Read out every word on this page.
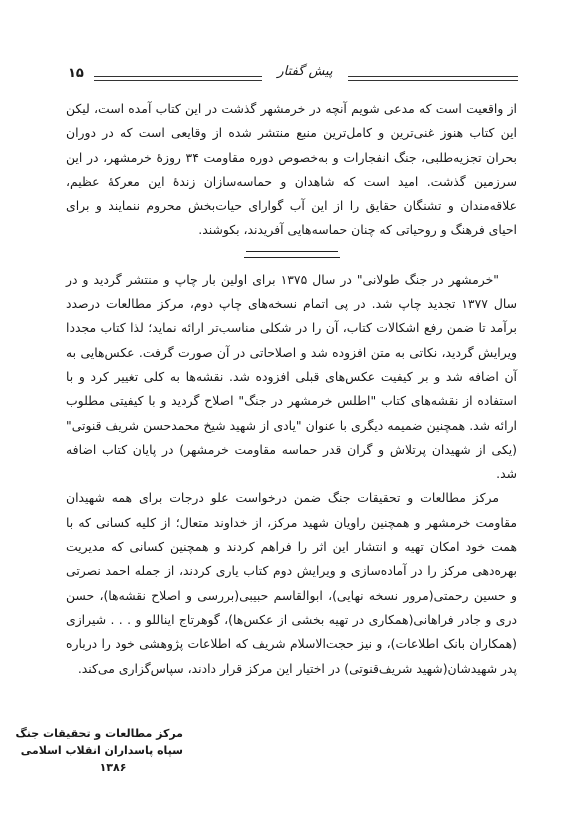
۱۵	پیش گفتار

از واقعیت است که مدعی شویم آنچه در خرمشهر گذشت در این کتاب آمده است، لیکن این کتاب هنوز غنی‌ترین و کامل‌ترین منبع منتشر شده از وقایعی است که در دوران بحران تجزیه‌طلبی، جنگ انفجارات و به‌خصوص دوره مقاومت ۳۴ روزهٔ خرمشهر، در این سرزمین گذشت. امید است که شاهدان و حماسه‌سازان زندهٔ این معرکهٔ عظیم، علاقه‌مندان و تشنگان حقایق را از این آب گوارای حیات‌بخش محروم ننمایند و برای احیای فرهنگ و روحیاتی که چنان حماسه‌هایی آفریدند، بکوشند.

"خرمشهر در جنگ طولانی" در سال ۱۳۷۵ برای اولین بار چاپ و منتشر گردید و در سال ۱۳۷۷ تجدید چاپ شد. در پی اتمام نسخه‌های چاپ دوم، مرکز مطالعات درصدد برآمد تا ضمن رفع اشکالات کتاب، آن را در شکلی مناسب‌تر ارائه نماید؛ لذا کتاب مجددا ویرایش گردید، نکاتی به متن افزوده شد و اصلاحاتی در آن صورت گرفت. عکس‌هایی به آن اضافه شد و بر کیفیت عکس‌های قبلی افزوده شد. نقشه‌ها به کلی تغییر کرد و با استفاده از نقشه‌های کتاب "اطلس خرمشهر در جنگ" اصلاح گردید و با کیفیتی مطلوب ارائه شد. همچنین ضمیمه دیگری با عنوان "یادی از شهید شیخ محمدحسن شریف قنوتی" (یکی از شهیدان پرتلاش و گران قدر حماسه مقاومت خرمشهر) در پایان کتاب اضافه شد.

مرکز مطالعات و تحقیقات جنگ ضمن درخواست علو درجات برای همه شهیدان مقاومت خرمشهر و همچنین راویان شهید مرکز، از خداوند متعال؛ از کلیه کسانی که با همت خود امکان تهیه و انتشار این اثر را فراهم کردند و همچنین کسانی که مدیریت بهره‌دهی مرکز را در آماده‌سازی و ویرایش دوم کتاب یاری کردند، از جمله احمد نصرتی و حسین رحمتی(مرور نسخه نهایی)، ابوالقاسم حبیبی(بررسی و اصلاح نقشه‌ها)، حسن دری و جادر فراهانی(همکاری در تهیه بخشی از عکس‌ها)، گوهرتاج ایناللو و . . . شیرازی (همکاران بانک اطلاعات)، و نیز حجت‌الاسلام شریف که اطلاعات پژوهشی خود را درباره پدر شهیدشان(شهید شریف‌قنوتی) در اختیار این مرکز قرار دادند، سپاس‌گزاری می‌کند.

مرکز مطالعات و تحقیقات جنگ
سپاه پاسداران انقلاب اسلامی
۱۳۸۶
